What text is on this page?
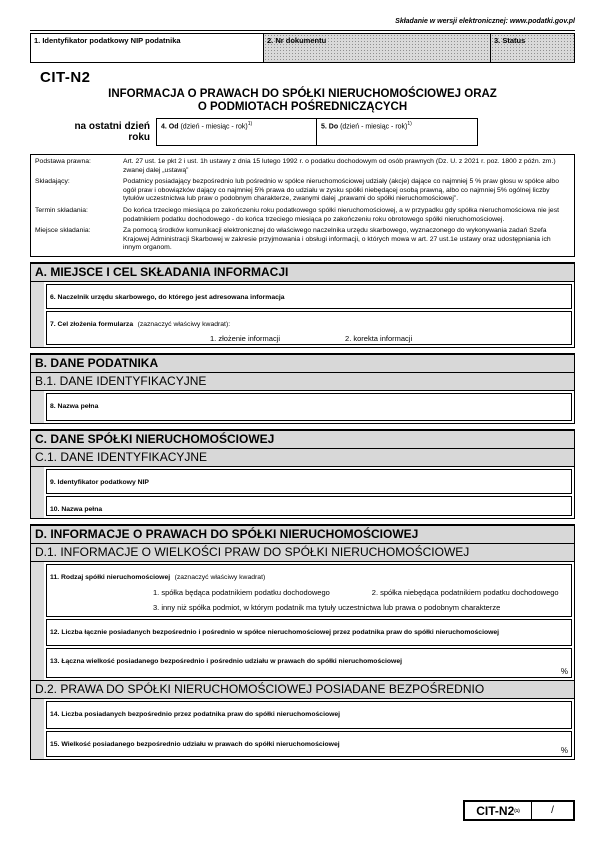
Składanie w wersji elektronicznej: www.podatki.gov.pl
1. Identyfikator podatkowy NIP podatnika	2. Nr dokumentu	3. Status
CIT-N2
INFORMACJA O PRAWACH DO SPÓŁKI NIERUCHOMOŚCIOWEJ ORAZ
O PODMIOTACH POŚREDNICZĄCYCH
na ostatni dzień roku
4. Od (dzień - miesiąc - rok)$^{1)}$	5. Do (dzień - miesiąc - rok)$^{1)}$
Podstawa prawna:	Art. 27 ust. 1e pkt 2 i ust. 1h ustawy z dnia 15 lutego 1992 r. o podatku dochodowym od osób prawnych (Dz. U. z 2021 r. poz. 1800 z późn. zm.) zwanej dalej „ustawą”
Składający:	Podatnicy posiadający bezpośrednio lub pośrednio w spółce nieruchomościowej udziały (akcje) dające co najmniej 5 % praw głosu w spółce albo ogół praw i obowiązków dający co najmniej 5% prawa do udziału w zysku spółki niebędącej osobą prawną, albo co najmniej 5% ogólnej liczby tytułów uczestnictwa lub praw o podobnym charakterze, zwanymi dalej „prawami do spółki nieruchomościowej”.
Termin składania:	Do końca trzeciego miesiąca po zakończeniu roku podatkowego spółki nieruchomościowej, a w przypadku gdy spółka nieruchomościowa nie jest podatnikiem podatku dochodowego - do końca trzeciego miesiąca po zakończeniu roku obrotowego spółki nieruchomościowej.
Miejsce składania:	Za pomocą środków komunikacji elektronicznej do właściwego naczelnika urzędu skarbowego, wyznaczonego do wykonywania zadań Szefa Krajowej Administracji Skarbowej w zakresie przyjmowania i obsługi informacji, o których mowa w art. 27 ust.1e ustawy oraz udostępniania ich innym organom.
A. MIEJSCE I CEL SKŁADANIA INFORMACJI
6. Naczelnik urzędu skarbowego, do którego jest adresowana informacja
7. Cel złożenia formularza (zaznaczyć właściwy kwadrat):
1. złożenie informacji	2. korekta informacji
B. DANE PODATNIKA
B.1. DANE IDENTYFIKACYJNE
8. Nazwa pełna
C. DANE SPÓŁKI NIERUCHOMOŚCIOWEJ
C.1. DANE IDENTYFIKACYJNE
9. Identyfikator podatkowy NIP
10. Nazwa pełna
D. INFORMACJE O PRAWACH DO SPÓŁKI NIERUCHOMOŚCIOWEJ
D.1. INFORMACJE O WIELKOŚCI PRAW DO SPÓŁKI NIERUCHOMOŚCIOWEJ
11. Rodzaj spółki nieruchomościowej (zaznaczyć właściwy kwadrat)
1. spółka będąca podatnikiem podatku dochodowego	2. spółka niebędąca podatnikiem podatku dochodowego
3. inny niż spółka podmiot, w którym podatnik ma tytuły uczestnictwa lub prawa o podobnym charakterze
12. Liczba łącznie posiadanych bezpośrednio i pośrednio w spółce nieruchomościowej przez podatnika praw do spółki nieruchomościowej
13. Łączna wielkość posiadanego bezpośrednio i pośrednio udziału w prawach do spółki nieruchomościowej
%
D.2. PRAWA DO SPÓŁKI NIERUCHOMOŚCIOWEJ POSIADANE BEZPOŚREDNIO
14. Liczba posiadanych bezpośrednio przez podatnika praw do spółki nieruchomościowej
15. Wielkość posiadanego bezpośrednio udziału w prawach do spółki nieruchomościowej
%
CIT-N2 (1)	/
